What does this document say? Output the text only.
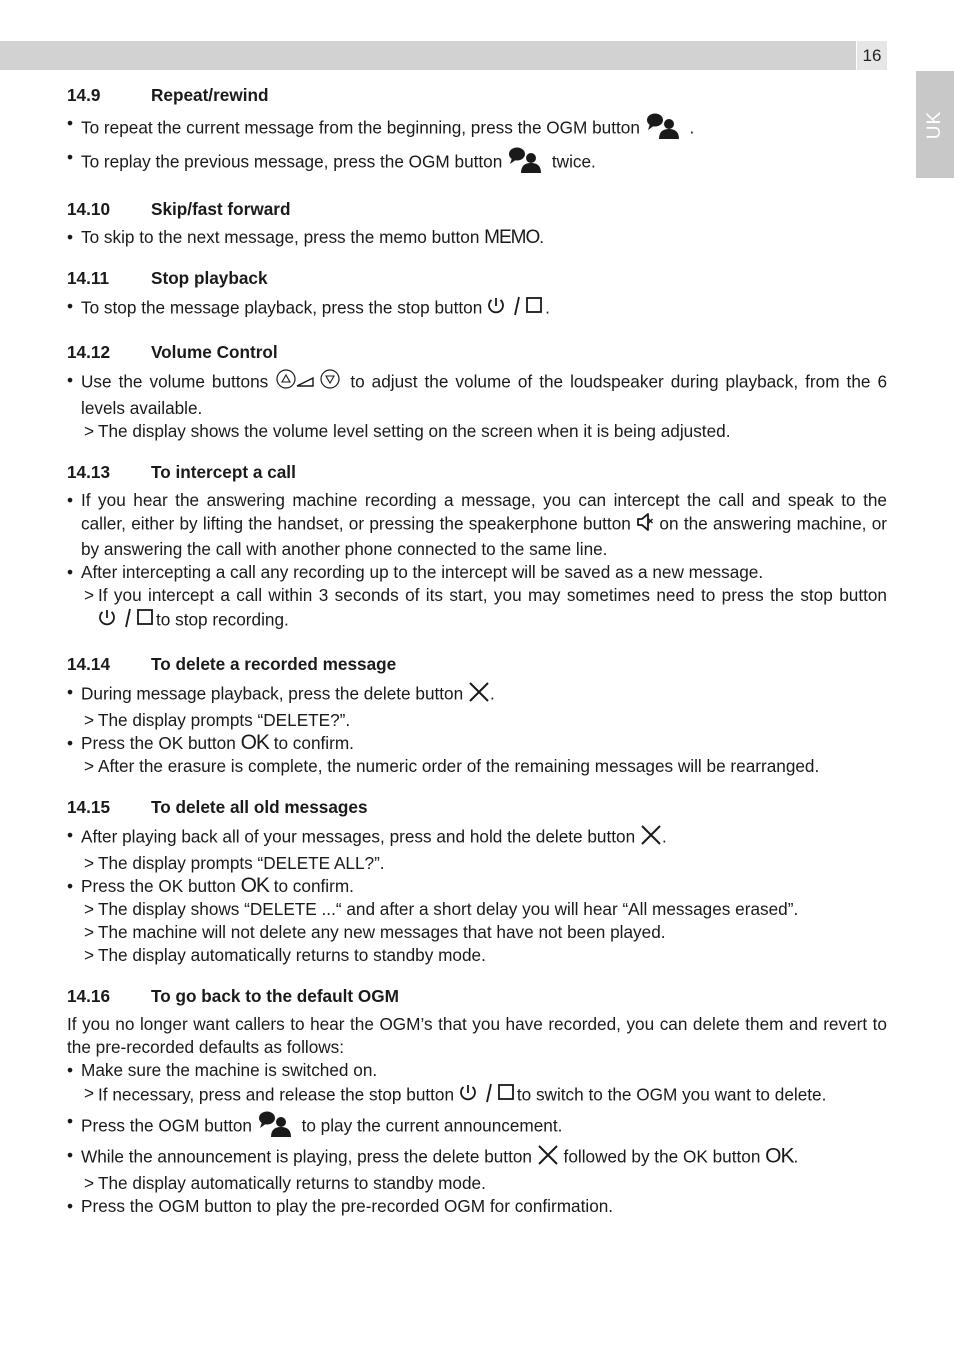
16
UK
14.9	Repeat/rewind
• To repeat the current message from the beginning, press the OGM button	.
• To replay the previous message, press the OGM button	twice.
14.10 Skip/fast forward
• To skip to the next message, press the memo button MEMO.
14.11 Stop playback
• To stop the message playback, press the stop button	.
14.12 Volume Control
• Use the volume buttons	to adjust the volume of the loudspeaker during playback, from the 6 levels available.
> The display shows the volume level setting on the screen when it is being adjusted.
14.13 To intercept a call
• If you hear the answering machine recording a message, you can intercept the call and speak to the caller, either by lifting the handset, or pressing the speakerphone button on the answering machine, or by answering the call with another phone connected to the same line.
• After intercepting a call any recording up to the intercept will be saved as a new message.
> If you intercept a call within 3 seconds of its start, you may sometimes need to press the stop button to stop recording.
14.14 To delete a recorded message
• During message playback, press the delete button .
> The display prompts “DELETE?”.
• Press the OK button OK to confirm.
> After the erasure is complete, the numeric order of the remaining messages will be rearranged.
14.15 To delete all old messages
• After playing back all of your messages, press and hold the delete button .
> The display prompts “DELETE ALL?”.
• Press the OK button OK to confirm.
> The display shows “DELETE ...“ and after a short delay you will hear “All messages erased”.
> The machine will not delete any new messages that have not been played.
> The display automatically returns to standby mode.
14.16 To go back to the default OGM
If you no longer want callers to hear the OGM’s that you have recorded, you can delete them and revert to the pre-recorded defaults as follows:
• Make sure the machine is switched on.
> If necessary, press and release the stop button	to switch to the OGM you want to delete.
• Press the OGM button	to play the current announcement.
• While the announcement is playing, press the delete button followed by the OK button OK.
> The display automatically returns to standby mode.
• Press the OGM button to play the pre-recorded OGM for confirmation.
